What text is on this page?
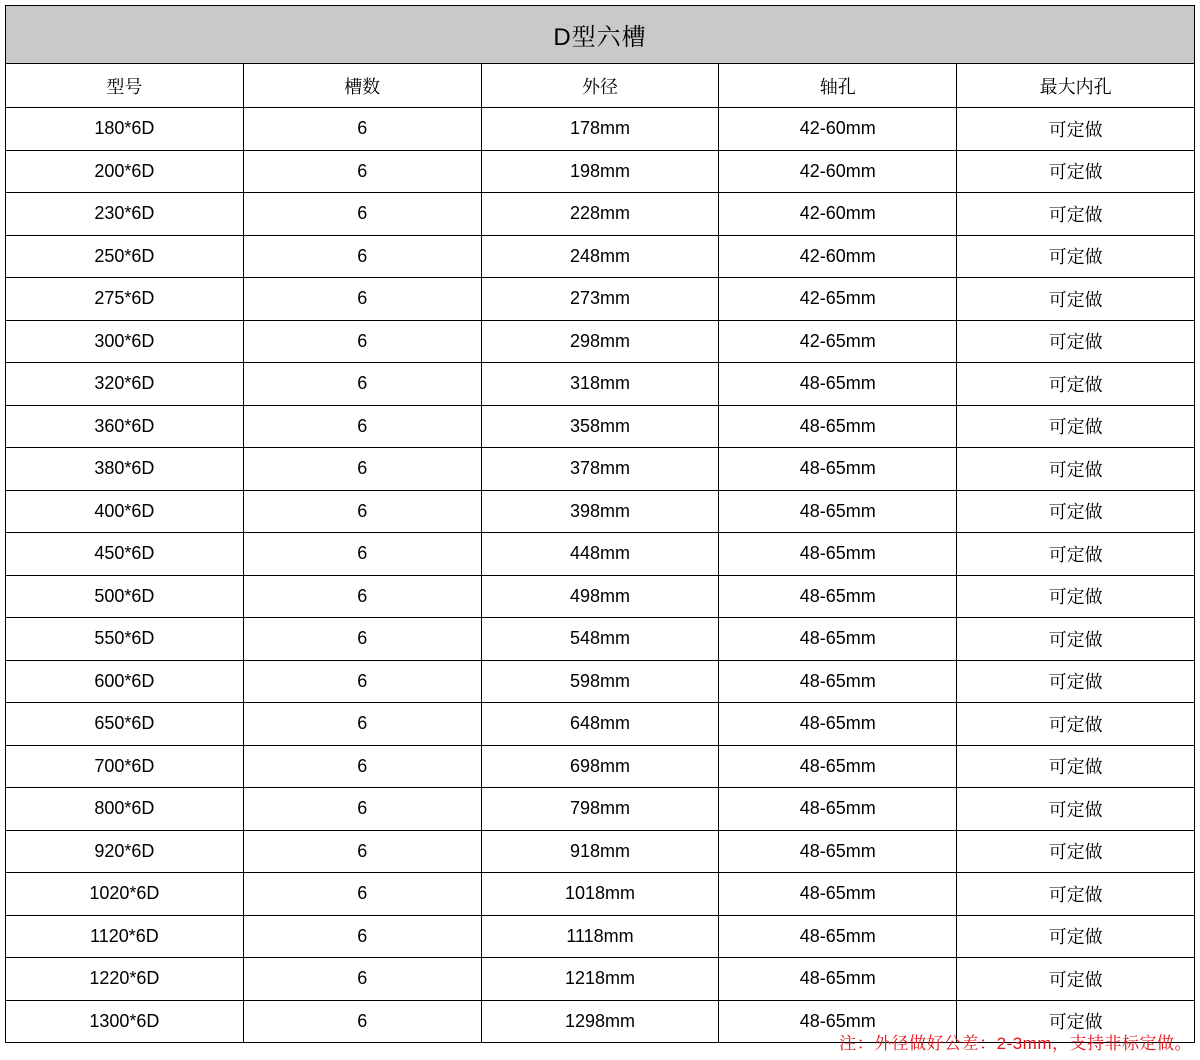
D型六槽				
型号	槽数	外径	轴孔	最大内孔
180*6D	6	178mm	42-60mm	可定做
200*6D	6	198mm	42-60mm	可定做
230*6D	6	228mm	42-60mm	可定做
250*6D	6	248mm	42-60mm	可定做
275*6D	6	273mm	42-65mm	可定做
300*6D	6	298mm	42-65mm	可定做
320*6D	6	318mm	48-65mm	可定做
360*6D	6	358mm	48-65mm	可定做
380*6D	6	378mm	48-65mm	可定做
400*6D	6	398mm	48-65mm	可定做
450*6D	6	448mm	48-65mm	可定做
500*6D	6	498mm	48-65mm	可定做
550*6D	6	548mm	48-65mm	可定做
600*6D	6	598mm	48-65mm	可定做
650*6D	6	648mm	48-65mm	可定做
700*6D	6	698mm	48-65mm	可定做
800*6D	6	798mm	48-65mm	可定做
920*6D	6	918mm	48-65mm	可定做
1020*6D	6	1018mm	48-65mm	可定做
1120*6D	6	1118mm	48-65mm	可定做
1220*6D	6	1218mm	48-65mm	可定做
1300*6D	6	1298mm	48-65mm	可定做
注：外径做好公差：2-3mm，支持非标定做。
